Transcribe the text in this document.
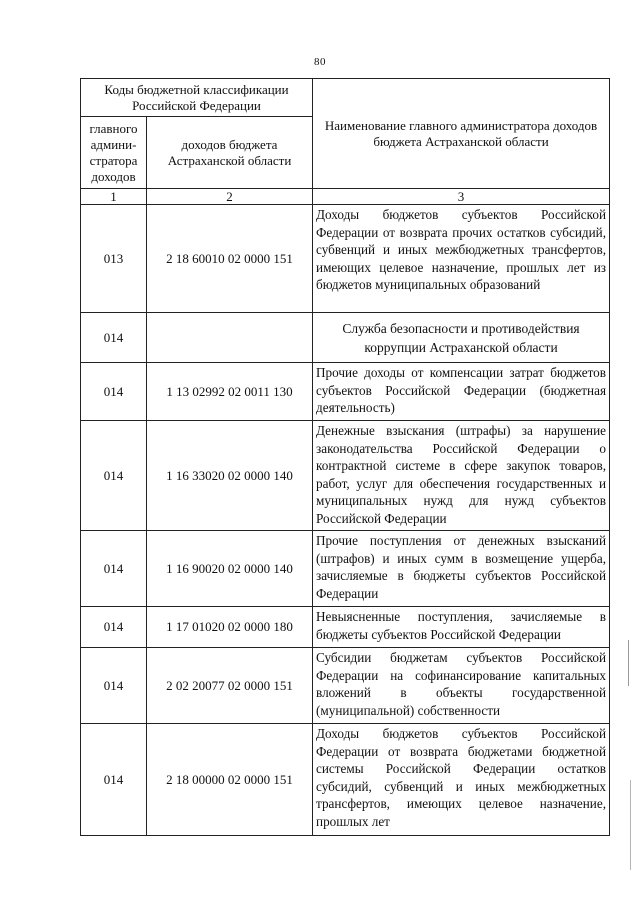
80
Коды бюджетной классификации Российской Федерации		Наименование главного администратора доходов бюджета Астраханской области
главного админи-стратора доходов	доходов бюджета Астраханской области	
1	2	3
013	2 18 60010 02 0000 151	Доходы бюджетов субъектов Российской Федерации от возврата прочих остатков субсидий, субвенций и иных межбюджетных трансфертов, имеющих целевое назначение, прошлых лет из бюджетов муниципальных образований
014		Служба безопасности и противодействия коррупции Астраханской области
014	1 13 02992 02 0011 130	Прочие доходы от компенсации затрат бюджетов субъектов Российской Федерации (бюджетная деятельность)
014	1 16 33020 02 0000 140	Денежные взыскания (штрафы) за нарушение законодательства Российской Федерации о контрактной системе в сфере закупок товаров, работ, услуг для обеспечения государственных и муниципальных нужд для нужд субъектов Российской Федерации
014	1 16 90020 02 0000 140	Прочие поступления от денежных взысканий (штрафов) и иных сумм в возмещение ущерба, зачисляемые в бюджеты субъектов Российской Федерации
014	1 17 01020 02 0000 180	Невыясненные поступления, зачисляемые в бюджеты субъектов Российской Федерации
014	2 02 20077 02 0000 151	Субсидии бюджетам субъектов Российской Федерации на софинансирование капитальных вложений в объекты государственной (муниципальной) собственности
014	2 18 00000 02 0000 151	Доходы бюджетов субъектов Российской Федерации от возврата бюджетами бюджетной системы Российской Федерации остатков субсидий, субвенций и иных межбюджетных трансфертов, имеющих целевое назначение, прошлых лет
